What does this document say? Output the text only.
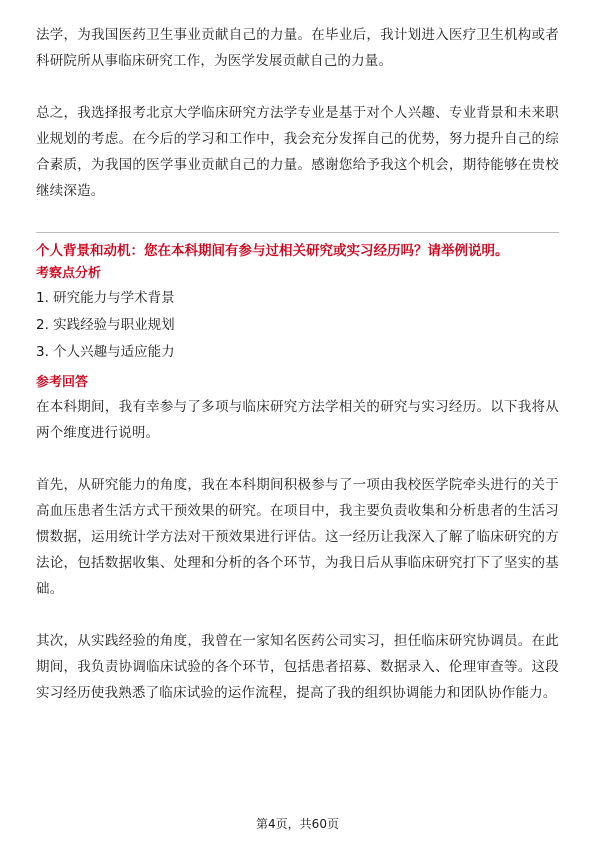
法学，为我国医药卫生事业贡献自己的力量。在毕业后，我计划进入医疗卫生机构或者科研院所从事临床研究工作，为医学发展贡献自己的力量。

总之，我选择报考北京大学临床研究方法学专业是基于对个人兴趣、专业背景和未来职业规划的考虑。在今后的学习和工作中，我会充分发挥自己的优势，努力提升自己的综合素质，为我国的医学事业贡献自己的力量。感谢您给予我这个机会，期待能够在贵校继续深造。

个人背景和动机：您在本科期间有参与过相关研究或实习经历吗？请举例说明。

考察点分析

1. 研究能力与学术背景

2. 实践经验与职业规划

3. 个人兴趣与适应能力

参考回答

在本科期间，我有幸参与了多项与临床研究方法学相关的研究与实习经历。以下我将从两个维度进行说明。

首先，从研究能力的角度，我在本科期间积极参与了一项由我校医学院牵头进行的关于高血压患者生活方式干预效果的研究。在项目中，我主要负责收集和分析患者的生活习惯数据，运用统计学方法对干预效果进行评估。这一经历让我深入了解了临床研究的方法论，包括数据收集、处理和分析的各个环节，为我日后从事临床研究打下了坚实的基础。

其次，从实践经验的角度，我曾在一家知名医药公司实习，担任临床研究协调员。在此期间，我负责协调临床试验的各个环节，包括患者招募、数据录入、伦理审查等。这段实习经历使我熟悉了临床试验的运作流程，提高了我的组织协调能力和团队协作能力。

第4页，共60页
